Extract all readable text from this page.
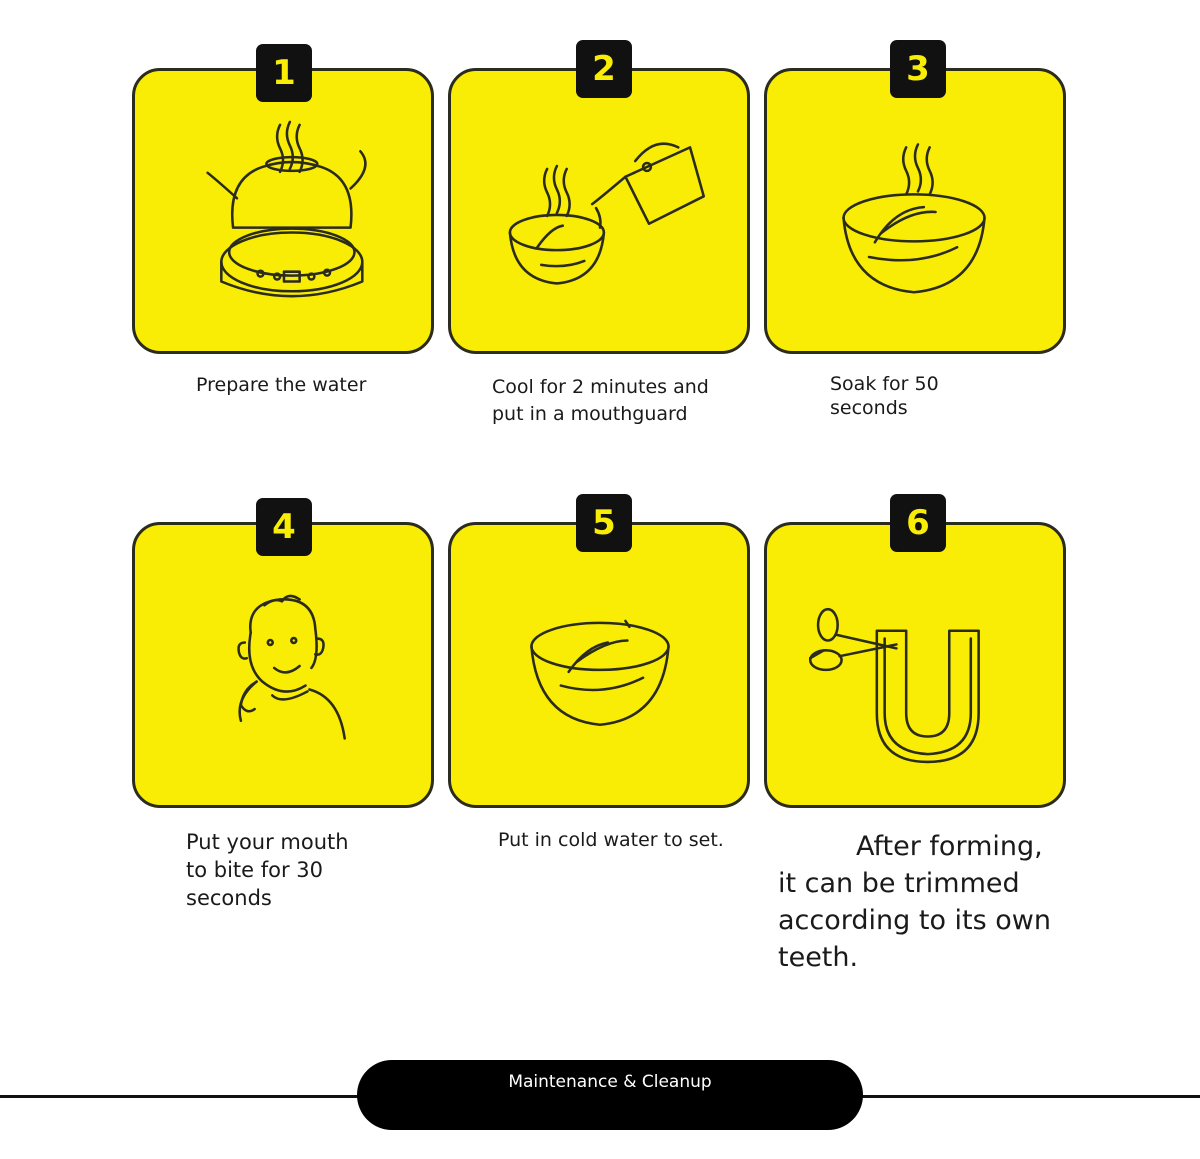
1
Prepare the water
2
Cool for 2 minutes and
put in a mouthguard
3
Soak for 50
seconds
4
Put your mouth
to bite for 30
seconds
5
Put in cold water to set.
6
After forming,
it can be trimmed
according to its own
teeth.
Maintenance & Cleanup
